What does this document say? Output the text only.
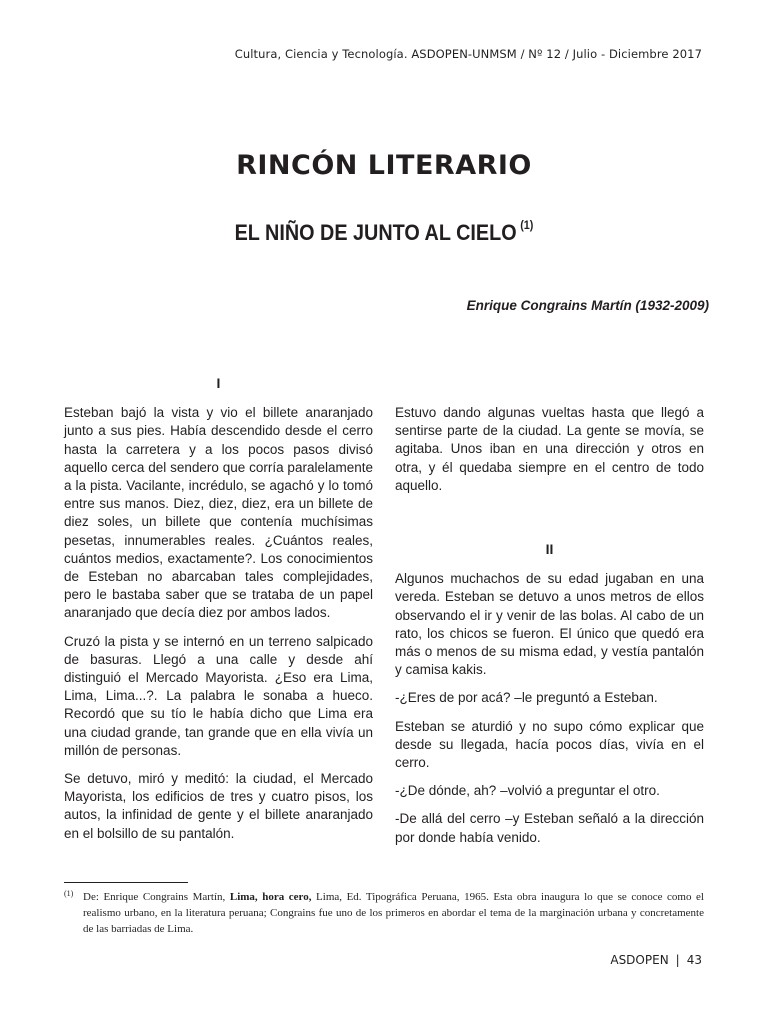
Cultura, Ciencia y Tecnología. ASDOPEN-UNMSM / Nº 12 / Julio - Diciembre 2017
RINCÓN LITERARIO
EL NIÑO DE JUNTO AL CIELO $^{(1)}$
Enrique Congrains Martín (1932-2009)
I

Esteban bajó la vista y vio el billete anaranjado junto a sus pies. Había descendido desde el cerro hasta la carretera y a los pocos pasos divisó aquello cerca del sendero que corría paralelamente a la pista. Vacilante, incrédulo, se agachó y lo tomó entre sus manos. Diez, diez, diez, era un billete de diez soles, un billete que contenía muchísimas pesetas, innumerables reales. ¿Cuántos reales, cuántos medios, exactamente?. Los conocimientos de Esteban no abarcaban tales complejidades, pero le bastaba saber que se trataba de un papel anaranjado que decía diez por ambos lados.

Cruzó la pista y se internó en un terreno salpicado de basuras. Llegó a una calle y desde ahí distinguió el Mercado Mayorista. ¿Eso era Lima, Lima, Lima...?. La palabra le sonaba a hueco. Recordó que su tío le había dicho que Lima era una ciudad grande, tan grande que en ella vivía un millón de personas.

Se detuvo, miró y meditó: la ciudad, el Mercado Mayorista, los edificios de tres y cuatro pisos, los autos, la infinidad de gente y el billete anaranjado en el bolsillo de su pantalón.

Estuvo dando algunas vueltas hasta que llegó a sentirse parte de la ciudad. La gente se movía, se agitaba. Unos iban en una dirección y otros en otra, y él quedaba siempre en el centro de todo aquello.

II

Algunos muchachos de su edad jugaban en una vereda. Esteban se detuvo a unos metros de ellos observando el ir y venir de las bolas. Al cabo de un rato, los chicos se fueron. El único que quedó era más o menos de su misma edad, y vestía pantalón y camisa kakis.

-¿Eres de por acá? –le preguntó a Esteban.

Esteban se aturdió y no supo cómo explicar que desde su llegada, hacía pocos días, vivía en el cerro.

-¿De dónde, ah? –volvió a preguntar el otro.

-De allá del cerro –y Esteban señaló a la dirección por donde había venido.

(1) De: Enrique Congrains Martín, Lima, hora cero, Lima, Ed. Tipográfica Peruana, 1965. Esta obra inaugura lo que se conoce como el realismo urbano, en la literatura peruana; Congrains fue uno de los primeros en abordar el tema de la marginación urbana y concretamente de las barriadas de Lima.
ASDOPEN | 43
